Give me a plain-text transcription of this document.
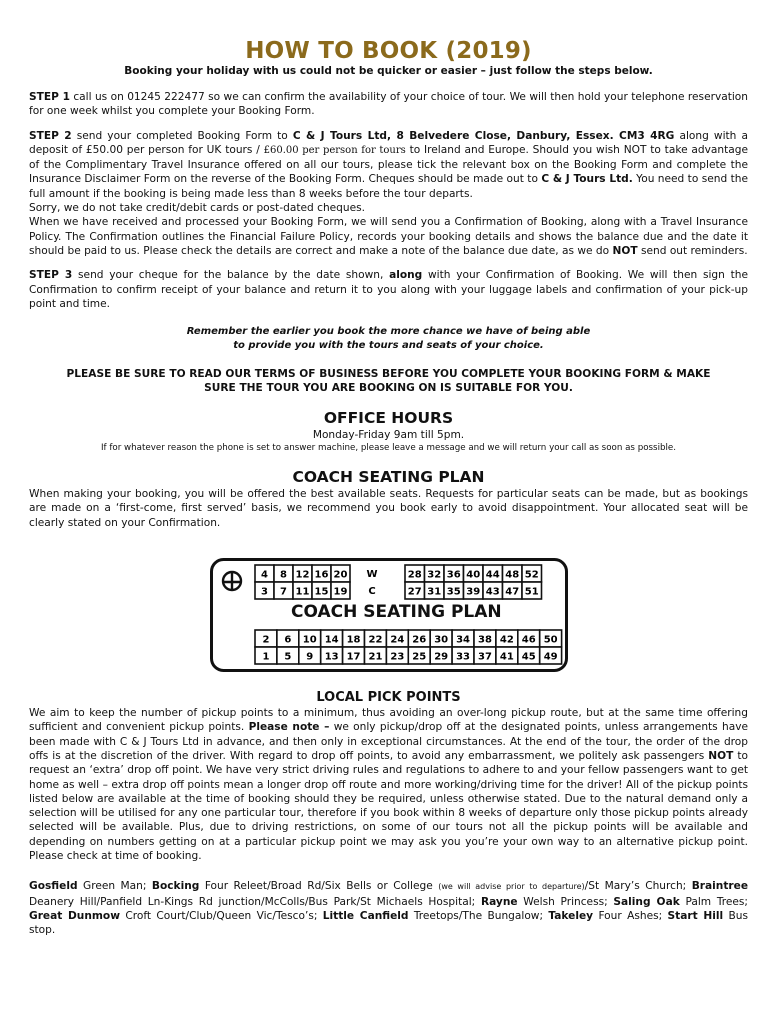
HOW TO BOOK (2019)
Booking your holiday with us could not be quicker or easier – just follow the steps below.

STEP 1 call us on 01245 222477 so we can confirm the availability of your choice of tour. We will then hold your telephone reservation for one week whilst you complete your Booking Form.

STEP 2 send your completed Booking Form to C & J Tours Ltd, 8 Belvedere Close, Danbury, Essex. CM3 4RG along with a deposit of £50.00 per person for UK tours / £60.00 per person for tours to Ireland and Europe. Should you wish NOT to take advantage of the Complimentary Travel Insurance offered on all our tours, please tick the relevant box on the Booking Form and complete the Insurance Disclaimer Form on the reverse of the Booking Form. Cheques should be made out to C & J Tours Ltd. You need to send the full amount if the booking is being made less than 8 weeks before the tour departs.

Sorry, we do not take credit/debit cards or post-dated cheques.

When we have received and processed your Booking Form, we will send you a Confirmation of Booking, along with a Travel Insurance Policy. The Confirmation outlines the Financial Failure Policy, records your booking details and shows the balance due and the date it should be paid to us. Please check the details are correct and make a note of the balance due date, as we do NOT send out reminders.

STEP 3 send your cheque for the balance by the date shown, along with your Confirmation of Booking. We will then sign the Confirmation to confirm receipt of your balance and return it to you along with your luggage labels and confirmation of your pick-up point and time.

Remember the earlier you book the more chance we have of being able
to provide you with the tours and seats of your choice.
PLEASE BE SURE TO READ OUR TERMS OF BUSINESS BEFORE YOU COMPLETE YOUR BOOKING FORM & MAKE
SURE THE TOUR YOU ARE BOOKING ON IS SUITABLE FOR YOU.
OFFICE HOURS
Monday-Friday 9am till 5pm.
If for whatever reason the phone is set to answer machine, please leave a message and we will return your call as soon as possible.
COACH SEATING PLAN

When making your booking, you will be offered the best available seats. Requests for particular seats can be made, but as bookings are made on a ‘first-come, first served’ basis, we recommend you book early to avoid disappointment. Your allocated seat will be clearly stated on your Confirmation.

4 8 12 16 20
3 7 11 15 19
28 32 36 40 44 48 52
27 31 35 39 43 47 51
2 6 10 14 18 22 24 26 30 34 38 42 46 50
1 5 9 13 17 21 23 25 29 33 37 41 45 49
W
C
COACH SEATING PLAN
LOCAL PICK POINTS

We aim to keep the number of pickup points to a minimum, thus avoiding an over-long pickup route, but at the same time offering sufficient and convenient pickup points. Please note – we only pickup/drop off at the designated points, unless arrangements have been made with C & J Tours Ltd in advance, and then only in exceptional circumstances. At the end of the tour, the order of the drop offs is at the discretion of the driver. With regard to drop off points, to avoid any embarrassment, we politely ask passengers NOT to request an ‘extra’ drop off point. We have very strict driving rules and regulations to adhere to and your fellow passengers want to get home as well – extra drop off points mean a longer drop off route and more working/driving time for the driver! All of the pickup points listed below are available at the time of booking should they be required, unless otherwise stated. Due to the natural demand only a selection will be utilised for any one particular tour, therefore if you book within 8 weeks of departure only those pickup points already selected will be available. Plus, due to driving restrictions, on some of our tours not all the pickup points will be available and depending on numbers getting on at a particular pickup point we may ask you you’re your own way to an alternative pickup point. Please check at time of booking.

Gosfield Green Man; Bocking Four Releet/Broad Rd/Six Bells or College (we will advise prior to departure)/St Mary’s Church; Braintree Deanery Hill/Panfield Ln-Kings Rd junction/McColls/Bus Park/St Michaels Hospital; Rayne Welsh Princess; Saling Oak Palm Trees; Great Dunmow Croft Court/Club/Queen Vic/Tesco’s; Little Canfield Treetops/The Bungalow; Takeley Four Ashes; Start Hill Bus stop.
